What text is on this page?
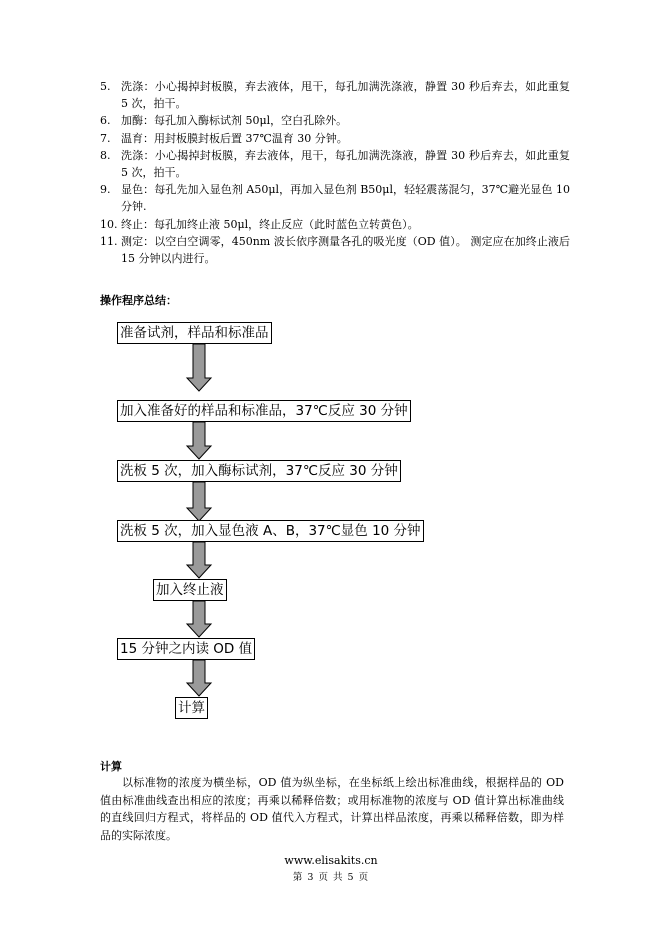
5. 洗涤：小心揭掉封板膜，弃去液体，甩干，每孔加满洗涤液，静置 30 秒后弃去，如此重复 5 次，拍干。
6. 加酶：每孔加入酶标试剂 50μl，空白孔除外。
7. 温育：用封板膜封板后置 37℃温育 30 分钟。
8. 洗涤：小心揭掉封板膜，弃去液体，甩干，每孔加满洗涤液，静置 30 秒后弃去，如此重复 5 次，拍干。
9. 显色：每孔先加入显色剂 A50μl，再加入显色剂 B50μl，轻轻震荡混匀，37℃避光显色 10 分钟.
10. 终止：每孔加终止液 50μl，终止反应（此时蓝色立转黄色）。
11. 测定：以空白空调零，450nm 波长依序测量各孔的吸光度（OD 值）。 测定应在加终止液后 15 分钟以内进行。
操作程序总结：
准备试剂，样品和标准品
加入准备好的样品和标准品，37℃反应 30 分钟
洗板 5 次，加入酶标试剂，37℃反应 30 分钟
洗板 5 次，加入显色液 A、B，37℃显色 10 分钟
加入终止液
15 分钟之内读 OD 值
计算
计算
以标准物的浓度为横坐标，OD 值为纵坐标，在坐标纸上绘出标准曲线，根据样品的 OD 值由标准曲线查出相应的浓度；再乘以稀释倍数；或用标准物的浓度与 OD 值计算出标准曲线的直线回归方程式，将样品的 OD 值代入方程式，计算出样品浓度，再乘以稀释倍数，即为样品的实际浓度。
www.elisakits.cn
第 3 页 共 5 页
